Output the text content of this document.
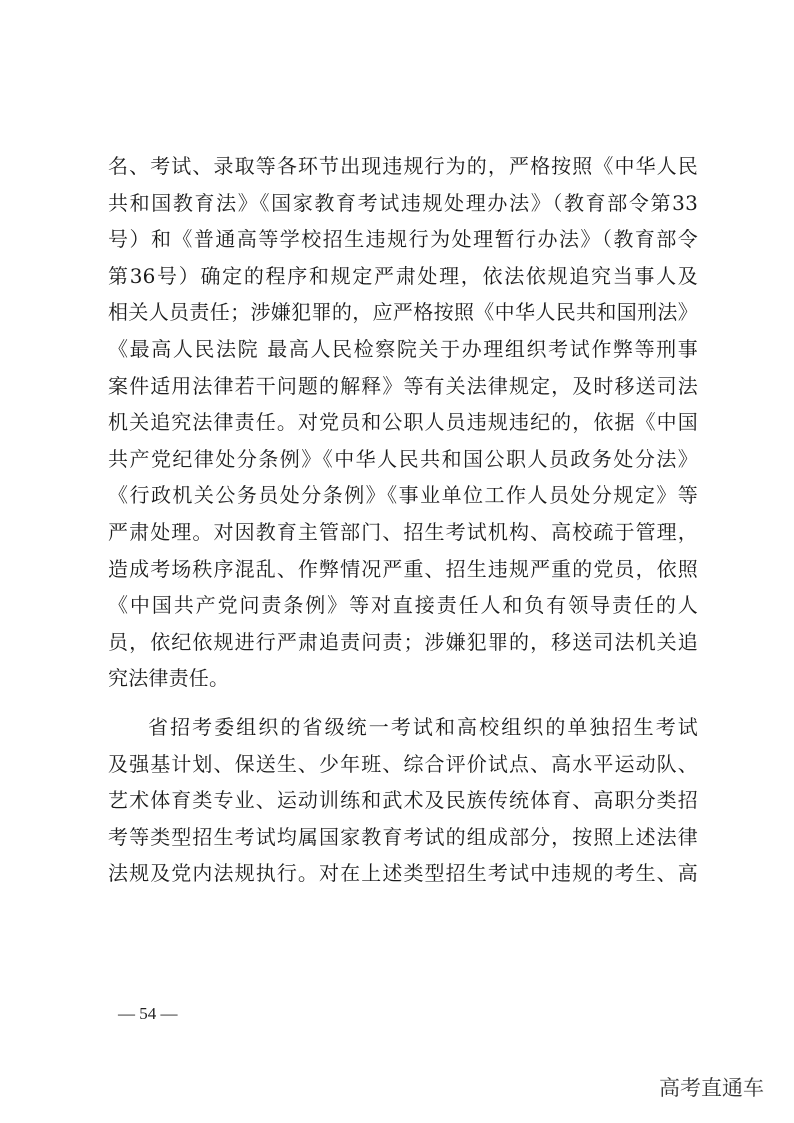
名、考试、录取等各环节出现违规行为的，严格按照《中华人民
共和国教育法》《国家教育考试违规处理办法》（教育部令第33
号）和《普通高等学校招生违规行为处理暂行办法》（教育部令
第36号）确定的程序和规定严肃处理，依法依规追究当事人及
相关人员责任；涉嫌犯罪的，应严格按照《中华人民共和国刑法》
《最高人民法院 最高人民检察院关于办理组织考试作弊等刑事
案件适用法律若干问题的解释》等有关法律规定，及时移送司法
机关追究法律责任。对党员和公职人员违规违纪的，依据《中国
共产党纪律处分条例》《中华人民共和国公职人员政务处分法》
《行政机关公务员处分条例》《事业单位工作人员处分规定》等
严肃处理。对因教育主管部门、招生考试机构、高校疏于管理，
造成考场秩序混乱、作弊情况严重、招生违规严重的党员，依照
《中国共产党问责条例》等对直接责任人和负有领导责任的人
员，依纪依规进行严肃追责问责；涉嫌犯罪的，移送司法机关追
究法律责任。
省招考委组织的省级统一考试和高校组织的单独招生考试
及强基计划、保送生、少年班、综合评价试点、高水平运动队、
艺术体育类专业、运动训练和武术及民族传统体育、高职分类招
考等类型招生考试均属国家教育考试的组成部分，按照上述法律
法规及党内法规执行。对在上述类型招生考试中违规的考生、高
— 54 —
高考直通车
